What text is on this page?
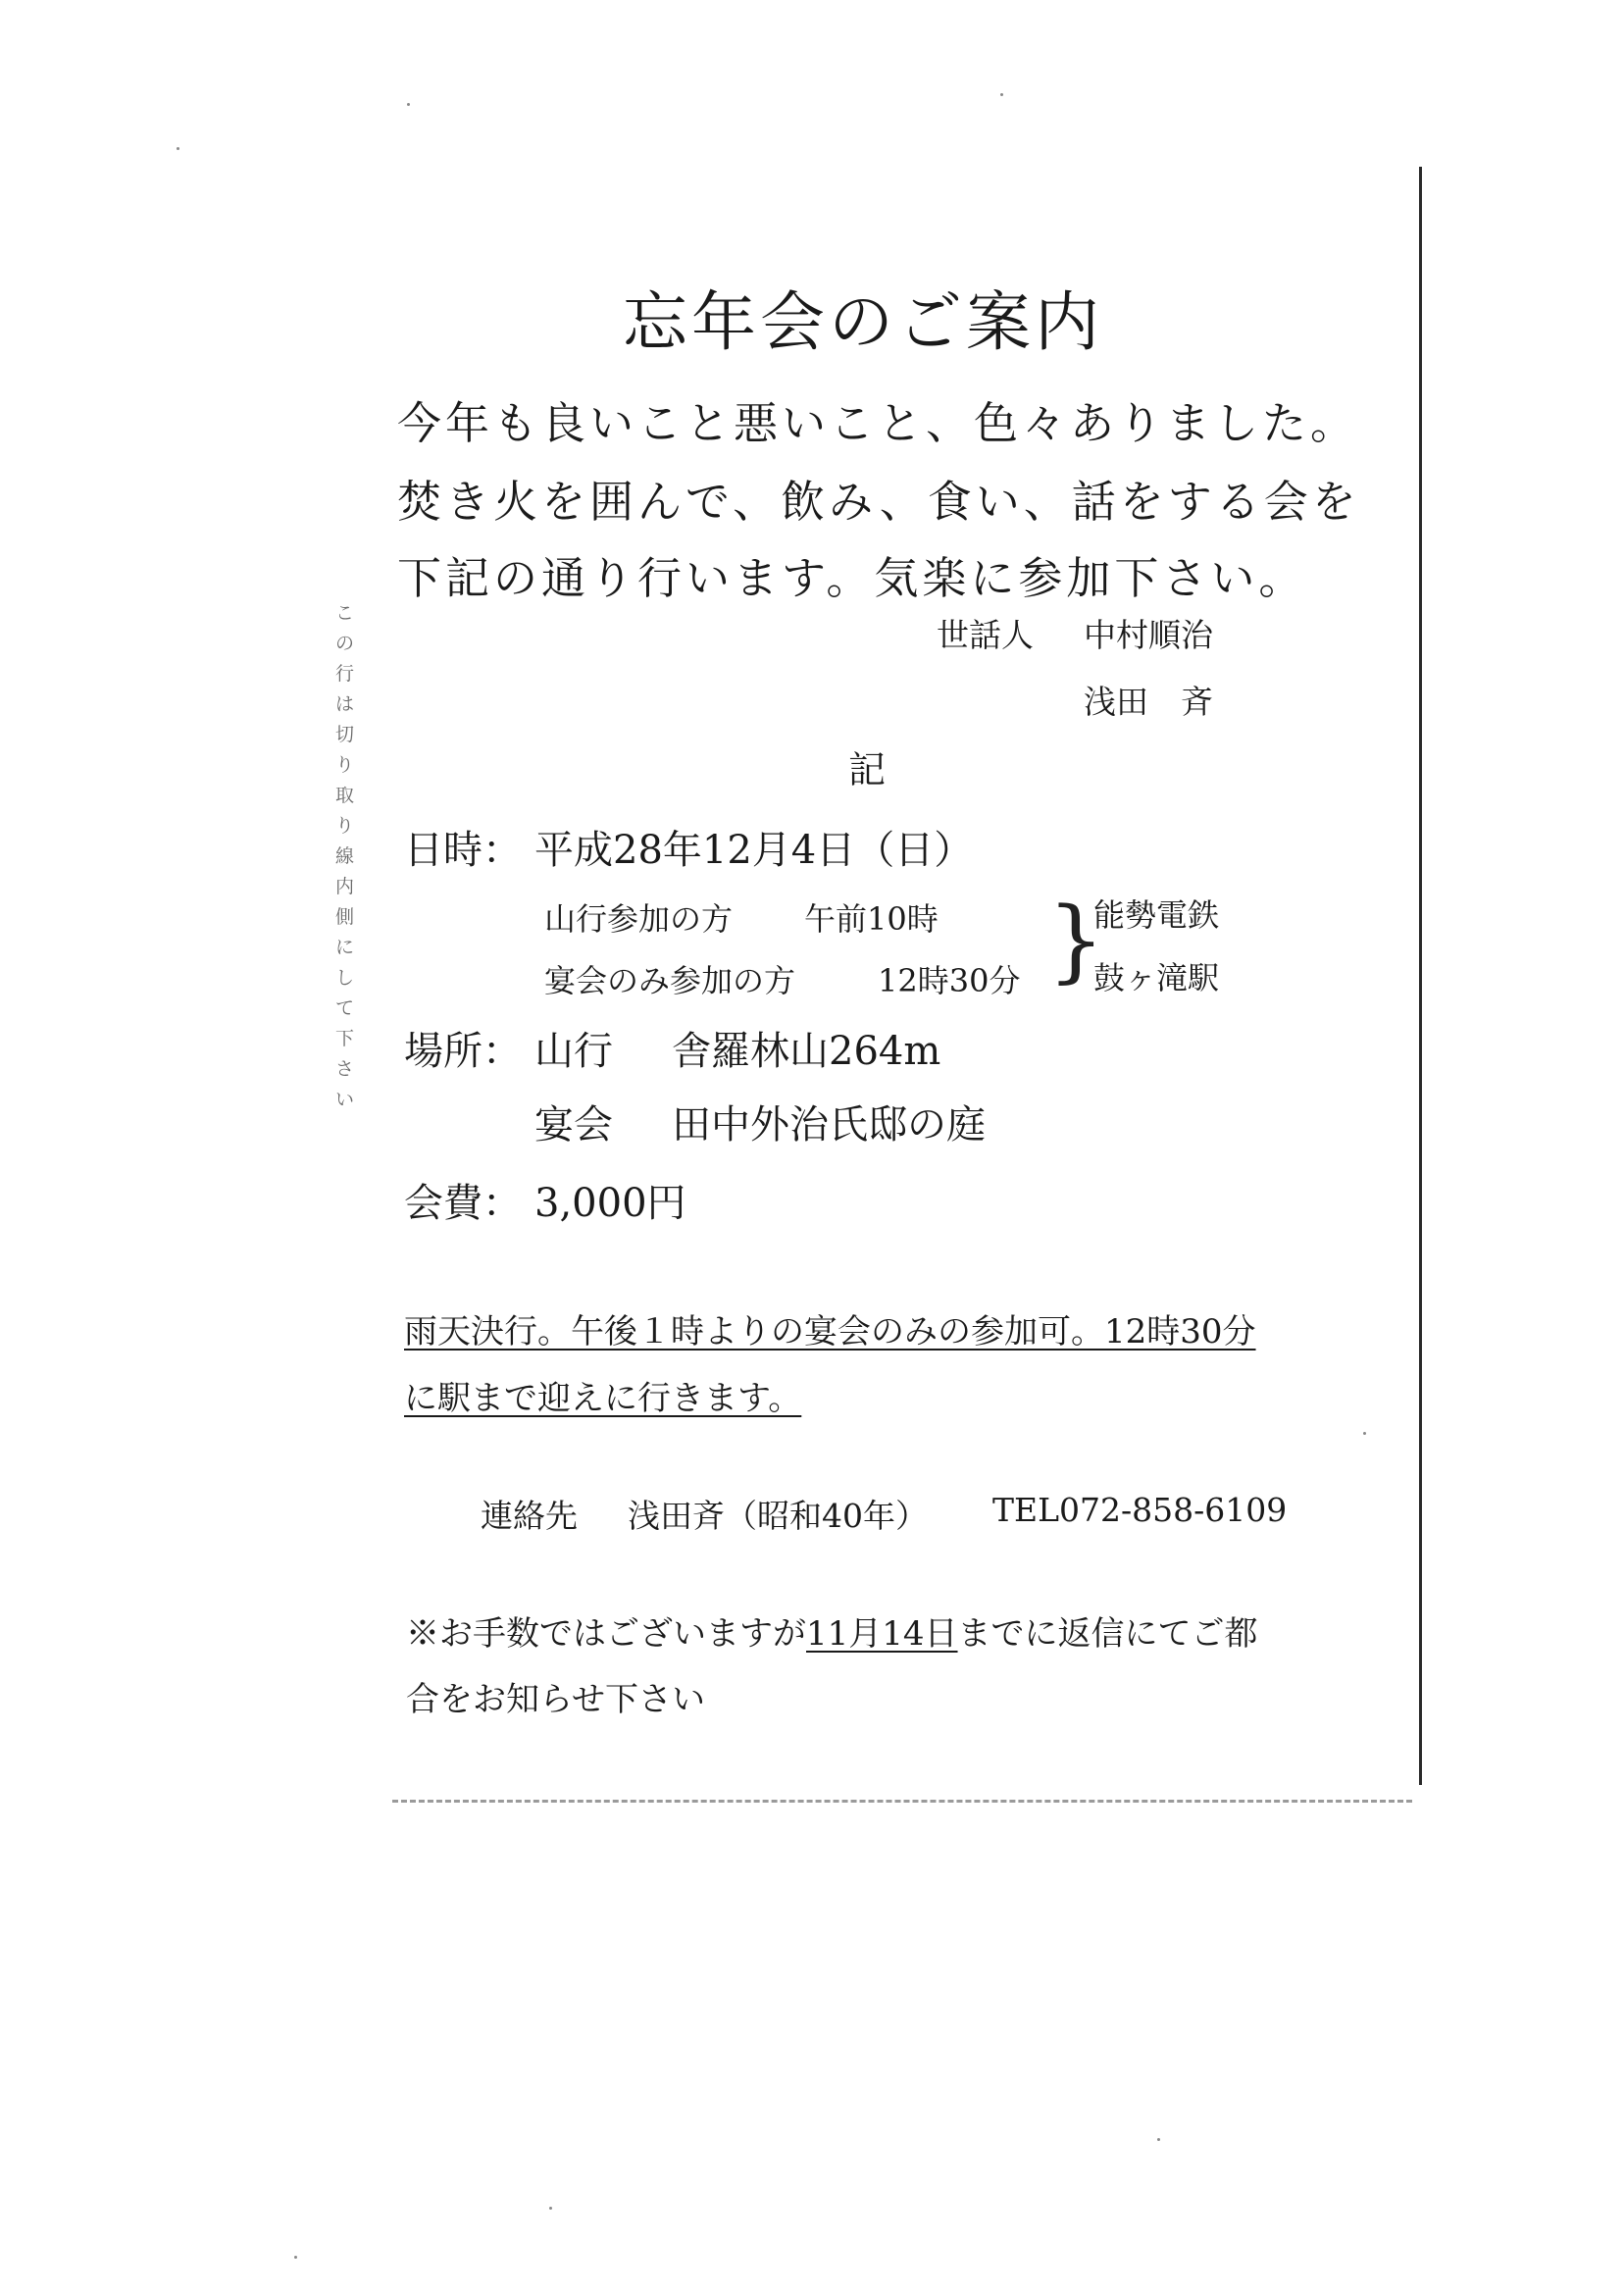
この行は切り取り線内側にして下さい
忘年会のご案内
今年も良いこと悪いこと、色々ありました。
焚き火を囲んで、飲み、食い、話をする会を
下記の通り行います。気楽に参加下さい。
世話人 中村順治
浅田　斉
記
日時： 平成28年12月4日（日）
山行参加の方 午前10時
宴会のみ参加の方	12時30分 }
能勢電鉄
鼓ヶ滝駅
場所： 山行 舎羅林山264m
宴会 田中外治氏邸の庭
会費： 3,000円
雨天決行。午後１時よりの宴会のみの参加可。12時30分
に駅まで迎えに行きます。
連絡先 浅田斉（昭和40年） TEL072-858-6109
※お手数ではございますが11月14日までに返信にてご都
合をお知らせ下さい
